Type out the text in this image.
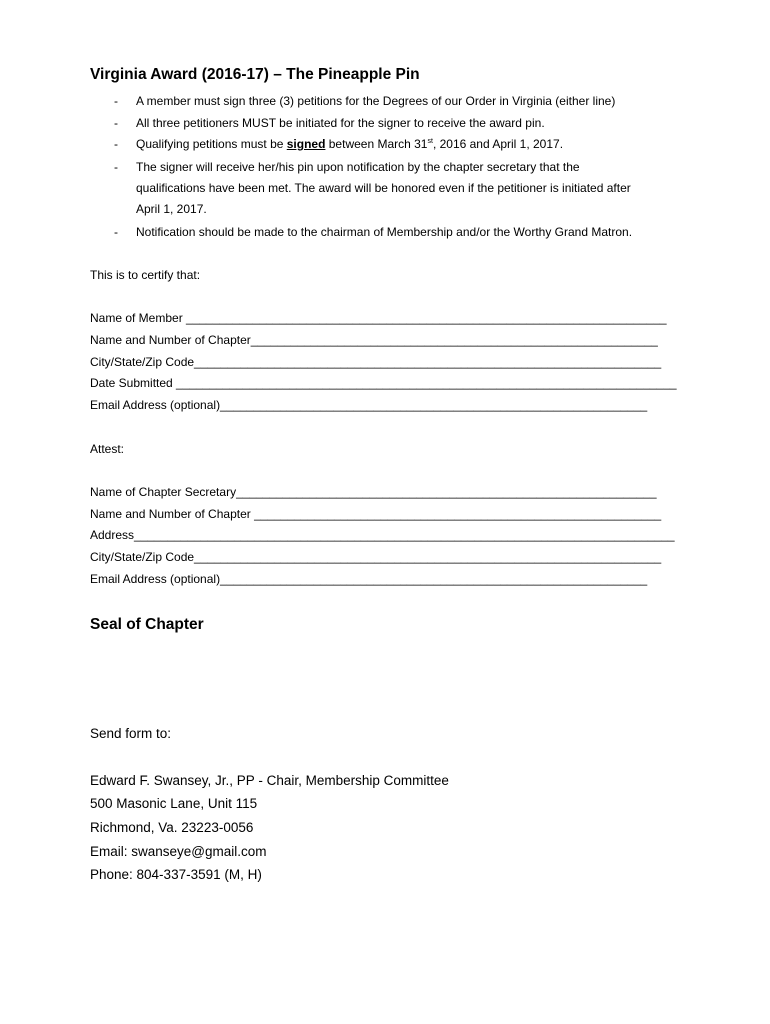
Virginia Award (2016-17) – The Pineapple Pin
- A member must sign three (3) petitions for the Degrees of our Order in Virginia (either line)
- All three petitioners MUST be initiated for the signer to receive the award pin.
- Qualifying petitions must be signed between March 31st, 2016 and April 1, 2017.
- The signer will receive her/his pin upon notification by the chapter secretary that the
qualifications have been met. The award will be honored even if the petitioner is initiated after
April 1, 2017.
- Notification should be made to the chairman of Membership and/or the Worthy Grand Matron.
This is to certify that:
Name of Member ________________________________________________________________________
Name and Number of Chapter_____________________________________________________________
City/State/Zip Code______________________________________________________________________
Date Submitted ___________________________________________________________________________
Email Address (optional)________________________________________________________________
Attest:
Name of Chapter Secretary_______________________________________________________________
Name and Number of Chapter _____________________________________________________________
Address_________________________________________________________________________________
City/State/Zip Code______________________________________________________________________
Email Address (optional)________________________________________________________________
Seal of Chapter
Send form to:
Edward F. Swansey, Jr., PP - Chair, Membership Committee
500 Masonic Lane, Unit 115
Richmond, Va. 23223-0056
Email: swanseye@gmail.com
Phone: 804-337-3591 (M, H)
